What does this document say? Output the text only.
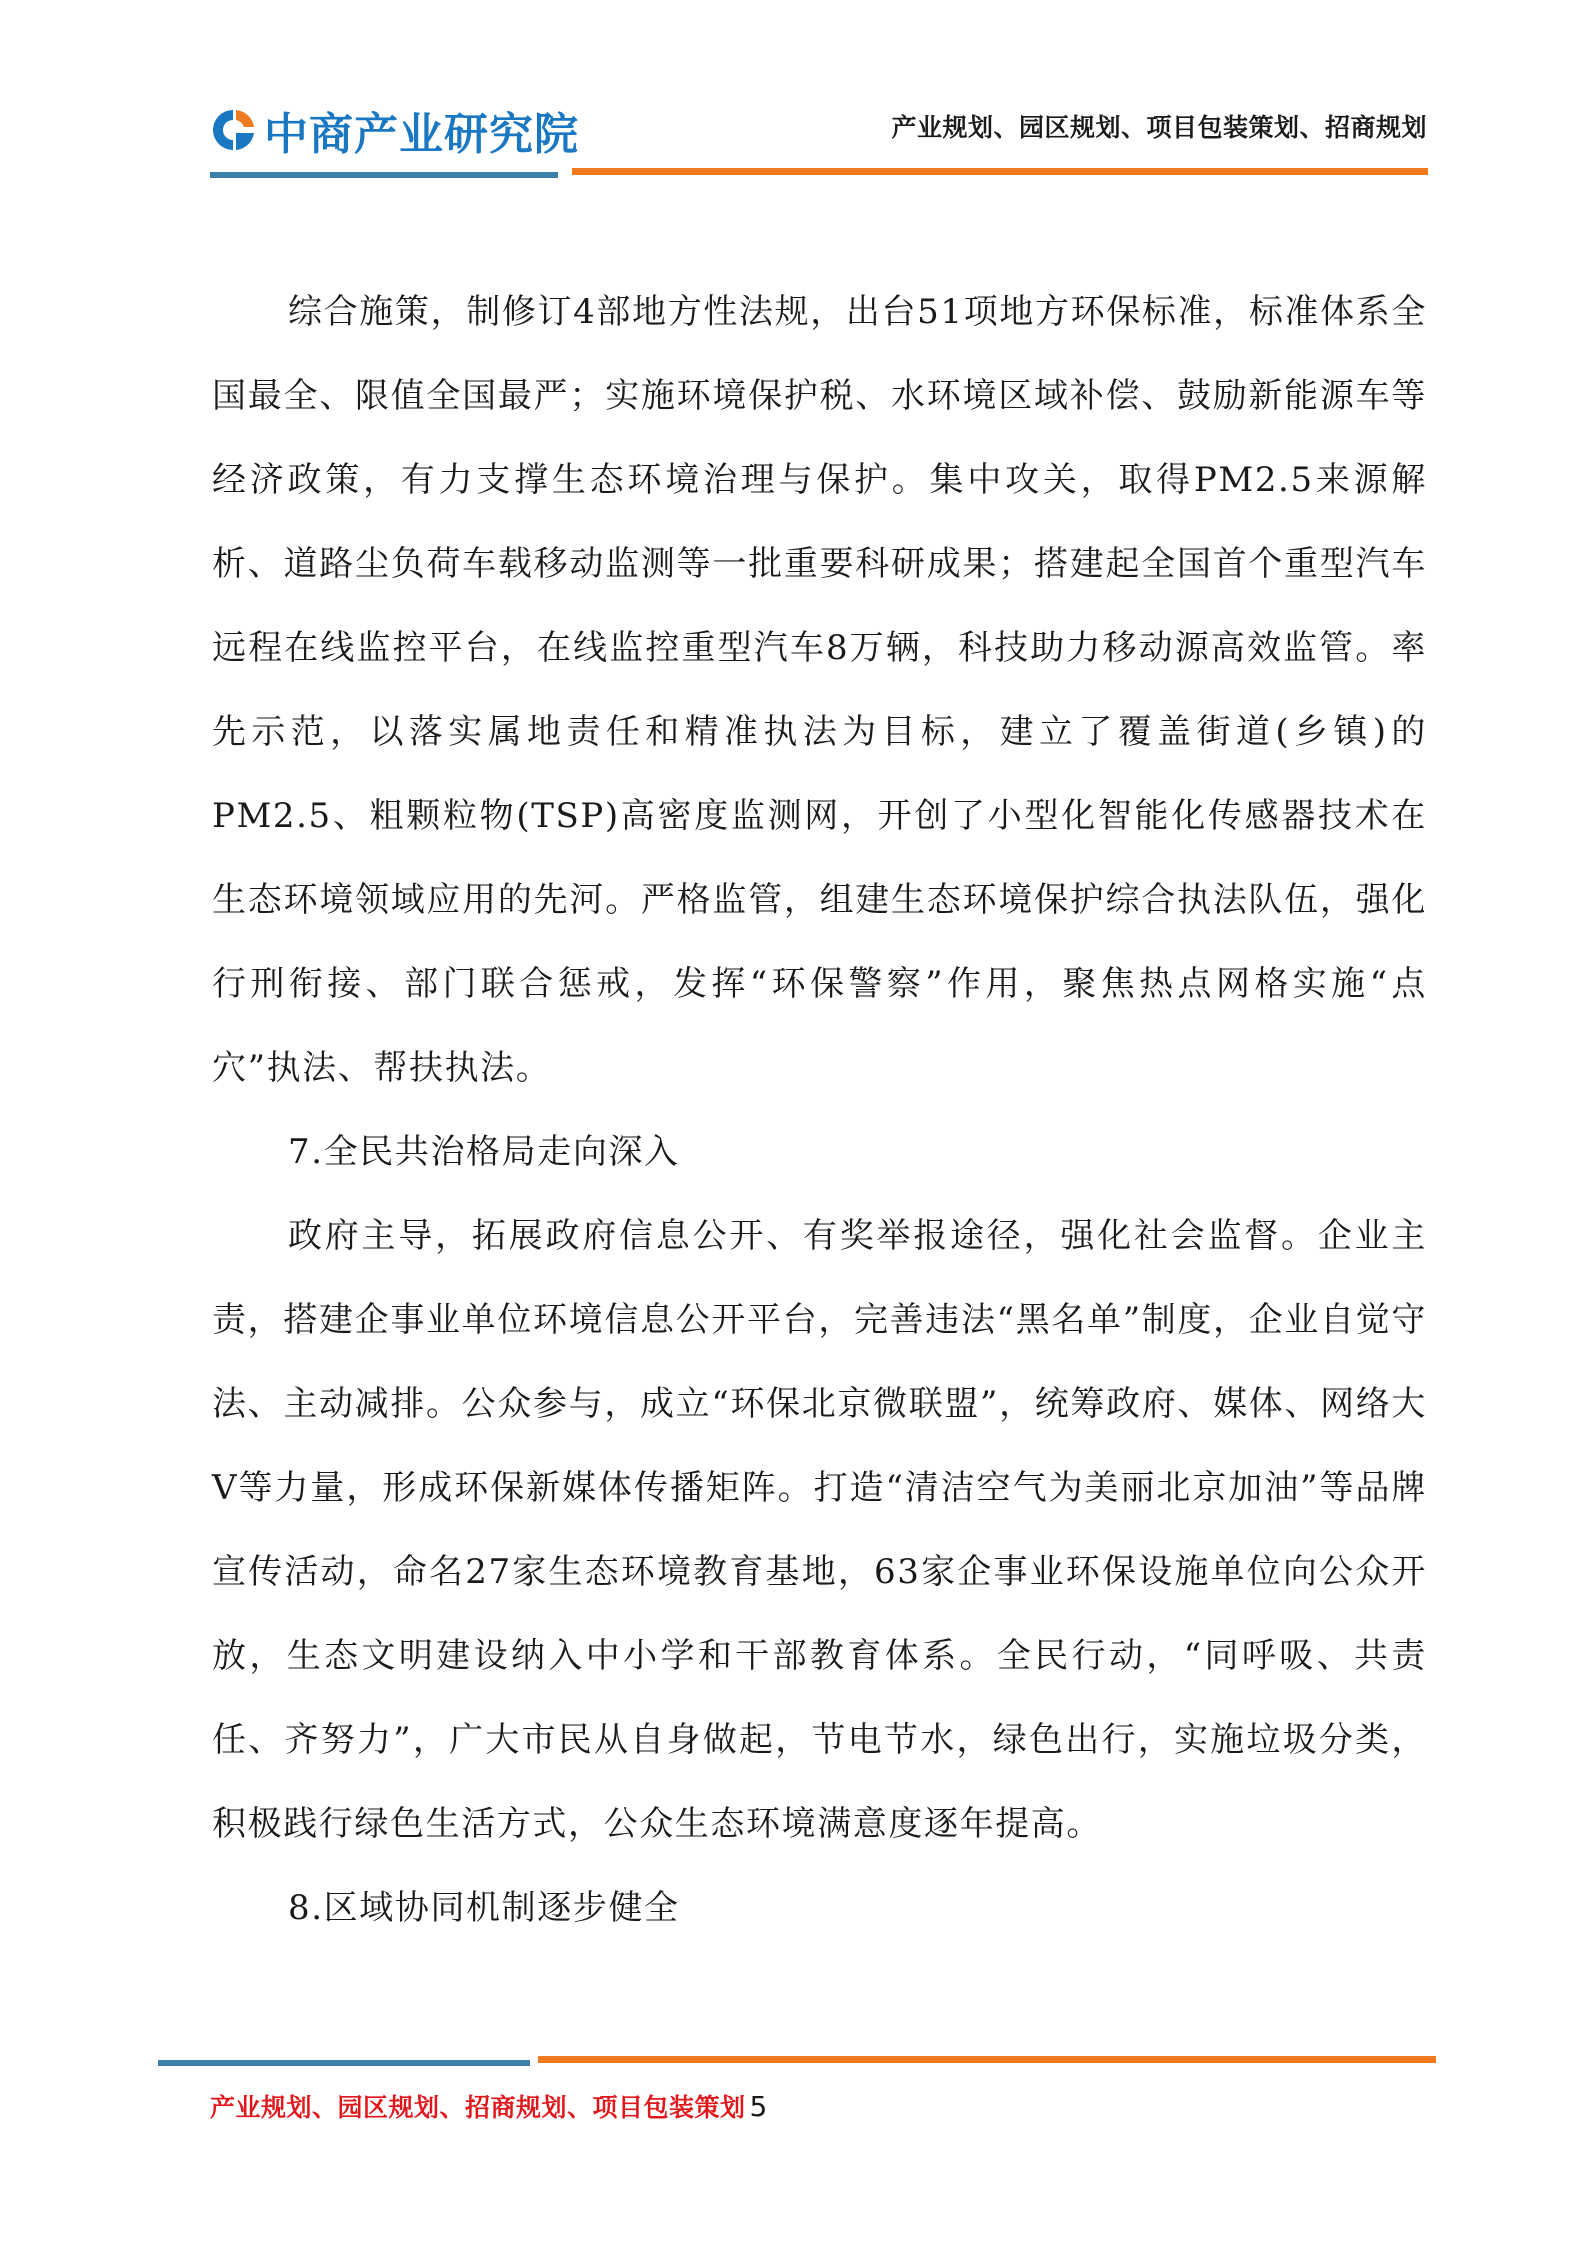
中商产业研究院	产业规划、园区规划、项目包装策划、招商规划

综合施策，制修订4部地方性法规，出台51项地方环保标准，标准体系全国最全、限值全国最严；实施环境保护税、水环境区域补偿、鼓励新能源车等经济政策，有力支撑生态环境治理与保护。集中攻关，取得PM2.5来源解析、道路尘负荷车载移动监测等一批重要科研成果；搭建起全国首个重型汽车远程在线监控平台，在线监控重型汽车8万辆，科技助力移动源高效监管。率先示范，以落实属地责任和精准执法为目标，建立了覆盖街道(乡镇)的PM2.5、粗颗粒物(TSP)高密度监测网，开创了小型化智能化传感器技术在生态环境领域应用的先河。严格监管，组建生态环境保护综合执法队伍，强化行刑衔接、部门联合惩戒，发挥“环保警察”作用，聚焦热点网格实施“点穴”执法、帮扶执法。

7.全民共治格局走向深入

政府主导，拓展政府信息公开、有奖举报途径，强化社会监督。企业主责，搭建企事业单位环境信息公开平台，完善违法“黑名单”制度，企业自觉守法、主动减排。公众参与，成立“环保北京微联盟”，统筹政府、媒体、网络大V等力量，形成环保新媒体传播矩阵。打造“清洁空气为美丽北京加油”等品牌宣传活动，命名27家生态环境教育基地，63家企事业环保设施单位向公众开放，生态文明建设纳入中小学和干部教育体系。全民行动，“同呼吸、共责任、齐努力”，广大市民从自身做起，节电节水，绿色出行，实施垃圾分类，积极践行绿色生活方式，公众生态环境满意度逐年提高。

8.区域协同机制逐步健全

产业规划、园区规划、招商规划、项目包装策划 5
